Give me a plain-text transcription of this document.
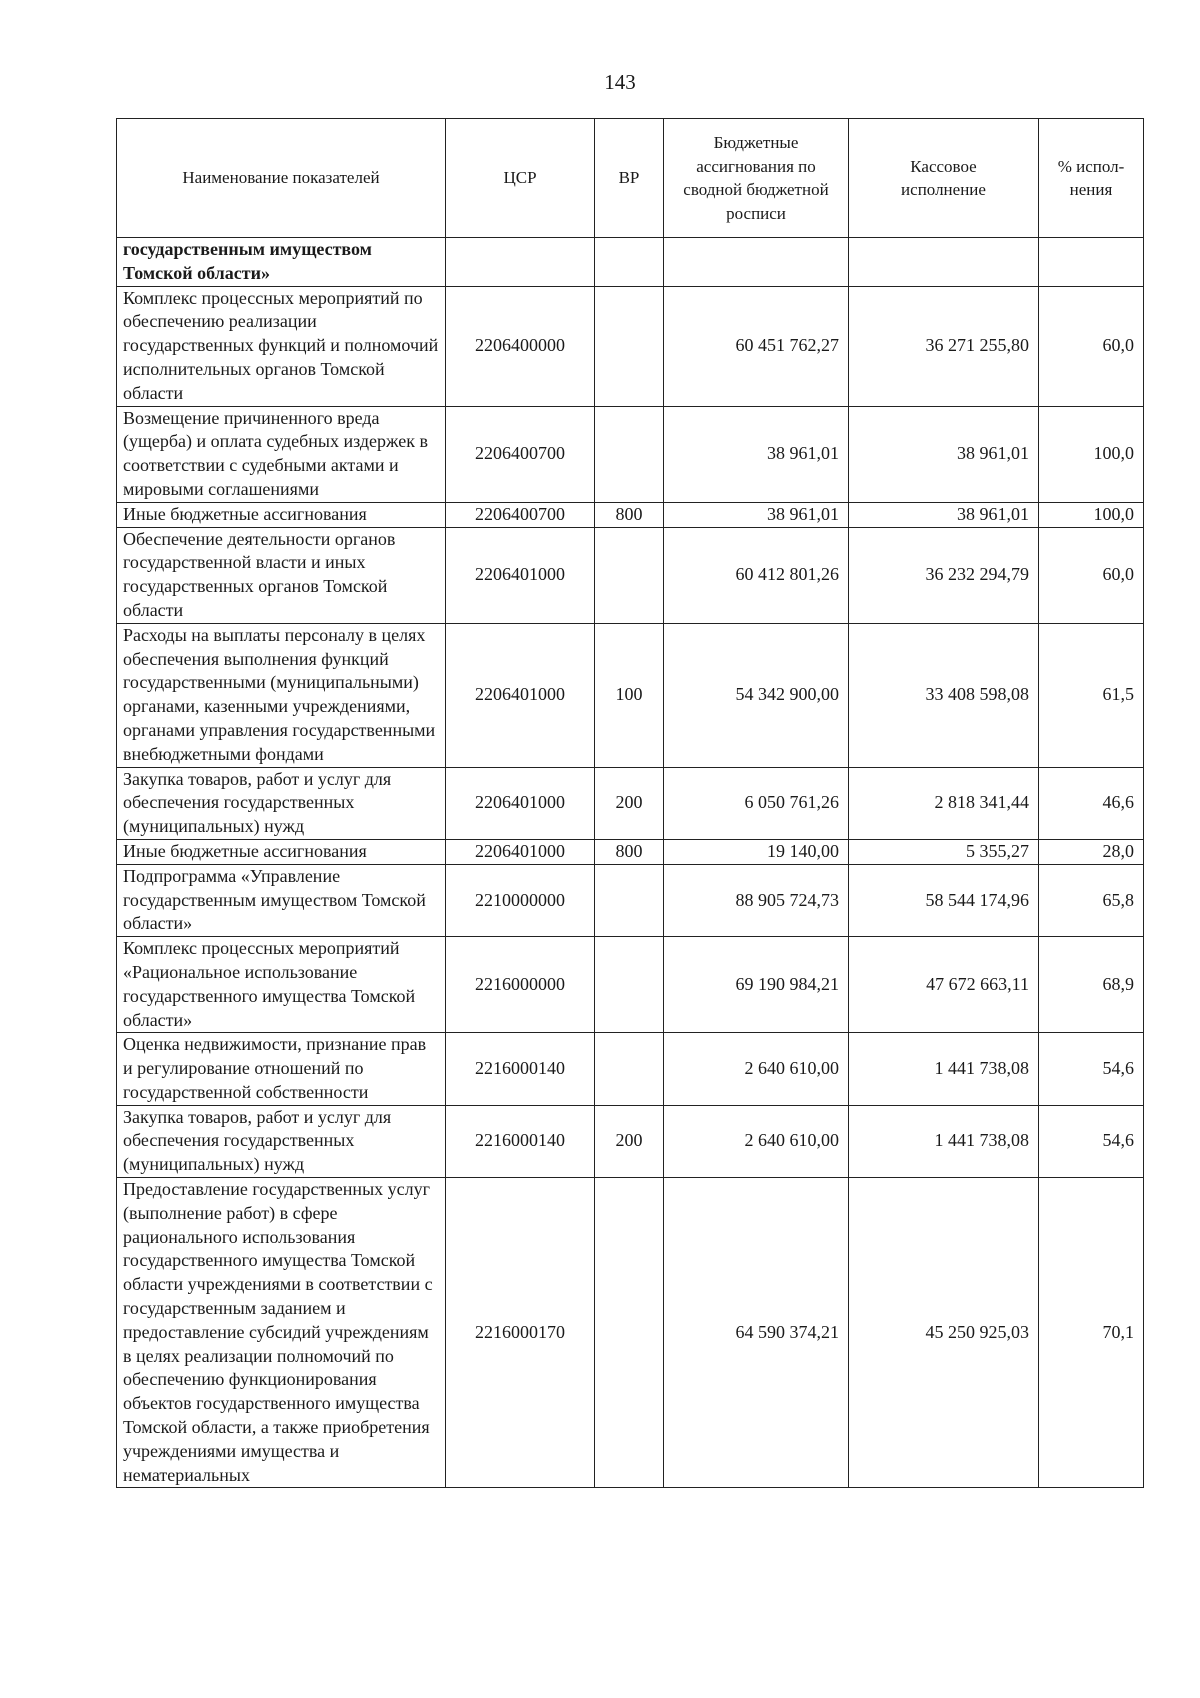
143
Наименование показателей	ЦСР	ВР	Бюджетные ассигнования по сводной бюджетной росписи	Кассовое исполнение	% испол-нения
государственным имуществом Томской области»					
Комплекс процессных мероприятий по обеспечению реализации государственных функций и полномочий исполнительных органов Томской области	2206400000		60 451 762,27	36 271 255,80	60,0
Возмещение причиненного вреда (ущерба) и оплата судебных издержек в соответствии с судебными актами и мировыми соглашениями	2206400700		38 961,01	38 961,01	100,0
Иные бюджетные ассигнования	2206400700	800	38 961,01	38 961,01	100,0
Обеспечение деятельности органов государственной власти и иных государственных органов Томской области	2206401000		60 412 801,26	36 232 294,79	60,0
Расходы на выплаты персоналу в целях обеспечения выполнения функций государственными (муниципальными) органами, казенными учреждениями, органами управления государственными внебюджетными фондами	2206401000	100	54 342 900,00	33 408 598,08	61,5
Закупка товаров, работ и услуг для обеспечения государственных (муниципальных) нужд	2206401000	200	6 050 761,26	2 818 341,44	46,6
Иные бюджетные ассигнования	2206401000	800	19 140,00	5 355,27	28,0
Подпрограмма «Управление государственным имуществом Томской области»	2210000000		88 905 724,73	58 544 174,96	65,8
Комплекс процессных мероприятий «Рациональное использование государственного имущества Томской области»	2216000000		69 190 984,21	47 672 663,11	68,9
Оценка недвижимости, признание прав и регулирование отношений по государственной собственности	2216000140		2 640 610,00	1 441 738,08	54,6
Закупка товаров, работ и услуг для обеспечения государственных (муниципальных) нужд	2216000140	200	2 640 610,00	1 441 738,08	54,6
Предоставление государственных услуг (выполнение работ) в сфере рационального использования государственного имущества Томской области учреждениями в соответствии с государственным заданием и предоставление субсидий учреждениям в целях реализации полномочий по обеспечению функционирования объектов государственного имущества Томской области, а также приобретения учреждениями имущества и нематериальных	2216000170		64 590 374,21	45 250 925,03	70,1
